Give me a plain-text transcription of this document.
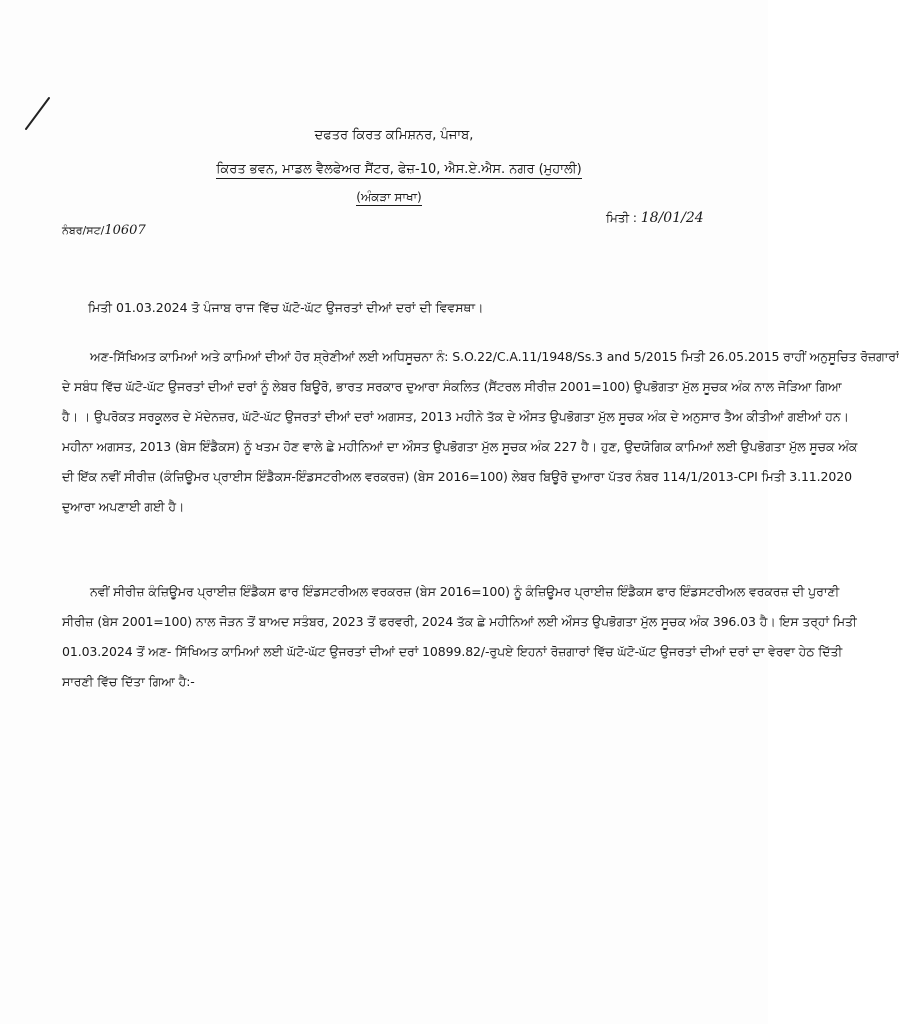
ਦਫਤਰ ਕਿਰਤ ਕਮਿਸ਼ਨਰ, ਪੰਜਾਬ,
ਕਿਰਤ ਭਵਨ, ਮਾਡਲ ਵੈਲਫੇਅਰ ਸੈਂਟਰ, ਫੇਜ਼-10, ਐਸ.ਏ.ਐਸ. ਨਗਰ (ਮੁਹਾਲੀ)
(ਅੰਕੜਾ ਸਾਖਾ)
ਨੰਬਰ/ਸਟ/10607
ਮਿਤੀ : 18/01/24
ਮਿਤੀ 01.03.2024 ਤੋ ਪੰਜਾਬ ਰਾਜ ਵਿੱਚ ਘੱਟੋ-ਘੱਟ ਉਜਰਤਾਂ ਦੀਆਂ ਦਰਾਂ ਦੀ ਵਿਵਸਥਾ।
ਅਣ-ਸਿੱਖਿਅਤ ਕਾਮਿਆਂ ਅਤੇ ਕਾਮਿਆਂ ਦੀਆਂ ਹੋਰ ਸ਼੍ਰੇਣੀਆਂ ਲਈ ਅਧਿਸੂਚਨਾ ਨੰ: S.O.22/C.A.11/1948/Ss.3 and 5/2015 ਮਿਤੀ 26.05.2015 ਰਾਹੀਂ ਅਨੁਸੂਚਿਤ ਰੋਜ਼ਗਾਰਾਂ
ਦੇ ਸਬੰਧ ਵਿੱਚ ਘੱਟੋ-ਘੱਟ ਉਜਰਤਾਂ ਦੀਆਂ ਦਰਾਂ ਨੂੰ ਲੇਬਰ ਬਿਊਰੋ, ਭਾਰਤ ਸਰਕਾਰ ਦੁਆਰਾ ਸੰਕਲਿਤ (ਸੈਂਟਰਲ ਸੀਰੀਜ਼ 2001=100) ਉਪਭੋਗਤਾ ਮੁੱਲ ਸੂਚਕ ਅੰਕ ਨਾਲ ਜੋੜਿਆ ਗਿਆ
ਹੈ। । ਉਪਰੋਕਤ ਸਰਕੂਲਰ ਦੇ ਮੱਦੇਨਜ਼ਰ, ਘੱਟੋ-ਘੱਟ ਉਜਰਤਾਂ ਦੀਆਂ ਦਰਾਂ ਅਗਸਤ, 2013 ਮਹੀਨੇ ਤੱਕ ਦੇ ਔਸਤ ਉਪਭੋਗਤਾ ਮੁੱਲ ਸੂਚਕ ਅੰਕ ਦੇ ਅਨੁਸਾਰ ਤੈਅ ਕੀਤੀਆਂ ਗਈਆਂ ਹਨ।
ਮਹੀਨਾ ਅਗਸਤ, 2013 (ਬੇਸ ਇੰਡੈਕਸ) ਨੂੰ ਖਤਮ ਹੋਣ ਵਾਲੇ ਛੇ ਮਹੀਨਿਆਂ ਦਾ ਔਸਤ ਉਪਭੋਗਤਾ ਮੁੱਲ ਸੂਚਕ ਅੰਕ 227 ਹੈ। ਹੁਣ, ਉਦਯੋਗਿਕ ਕਾਮਿਆਂ ਲਈ ਉਪਭੋਗਤਾ ਮੁੱਲ ਸੂਚਕ ਅੰਕ
ਦੀ ਇੱਕ ਨਵੀਂ ਸੀਰੀਜ਼ (ਕੰਜ਼ਿਊਮਰ ਪ੍ਰਾਈਸ ਇੰਡੈਕਸ-ਇੰਡਸਟਰੀਅਲ ਵਰਕਰਜ਼) (ਬੇਸ 2016=100) ਲੇਬਰ ਬਿਊਰੋ ਦੁਆਰਾ ਪੱਤਰ ਨੰਬਰ 114/1/2013-CPI ਮਿਤੀ 3.11.2020
ਦੁਆਰਾ ਅਪਣਾਈ ਗਈ ਹੈ।
ਨਵੀਂ ਸੀਰੀਜ਼ ਕੰਜ਼ਿਊਮਰ ਪ੍ਰਾਈਜ਼ ਇੰਡੈਕਸ ਫਾਰ ਇੰਡਸਟਰੀਅਲ ਵਰਕਰਜ਼ (ਬੇਸ 2016=100) ਨੂੰ ਕੰਜ਼ਿਊਮਰ ਪ੍ਰਾਈਜ਼ ਇੰਡੈਕਸ ਫਾਰ ਇੰਡਸਟਰੀਅਲ ਵਰਕਰਜ਼ ਦੀ ਪੁਰਾਣੀ
ਸੀਰੀਜ਼ (ਬੇਸ 2001=100) ਨਾਲ ਜੋੜਨ ਤੋਂ ਬਾਅਦ ਸਤੰਬਰ, 2023 ਤੋਂ ਫਰਵਰੀ, 2024 ਤੱਕ ਛੇ ਮਹੀਨਿਆਂ ਲਈ ਔਸਤ ਉਪਭੋਗਤਾ ਮੁੱਲ ਸੂਚਕ ਅੰਕ 396.03 ਹੈ। ਇਸ ਤਰ੍ਹਾਂ ਮਿਤੀ
01.03.2024 ਤੋਂ ਅਣ- ਸਿੱਖਿਅਤ ਕਾਮਿਆਂ ਲਈ ਘੱਟੋ-ਘੱਟ ਉਜਰਤਾਂ ਦੀਆਂ ਦਰਾਂ 10899.82/-ਰੁਪਏ ਇਹਨਾਂ ਰੋਜ਼ਗਾਰਾਂ ਵਿੱਚ ਘੱਟੋ-ਘੱਟ ਉਜਰਤਾਂ ਦੀਆਂ ਦਰਾਂ ਦਾ ਵੇਰਵਾ ਹੇਠ ਦਿੱਤੀ
ਸਾਰਣੀ ਵਿੱਚ ਦਿੱਤਾ ਗਿਆ ਹੈ:-
